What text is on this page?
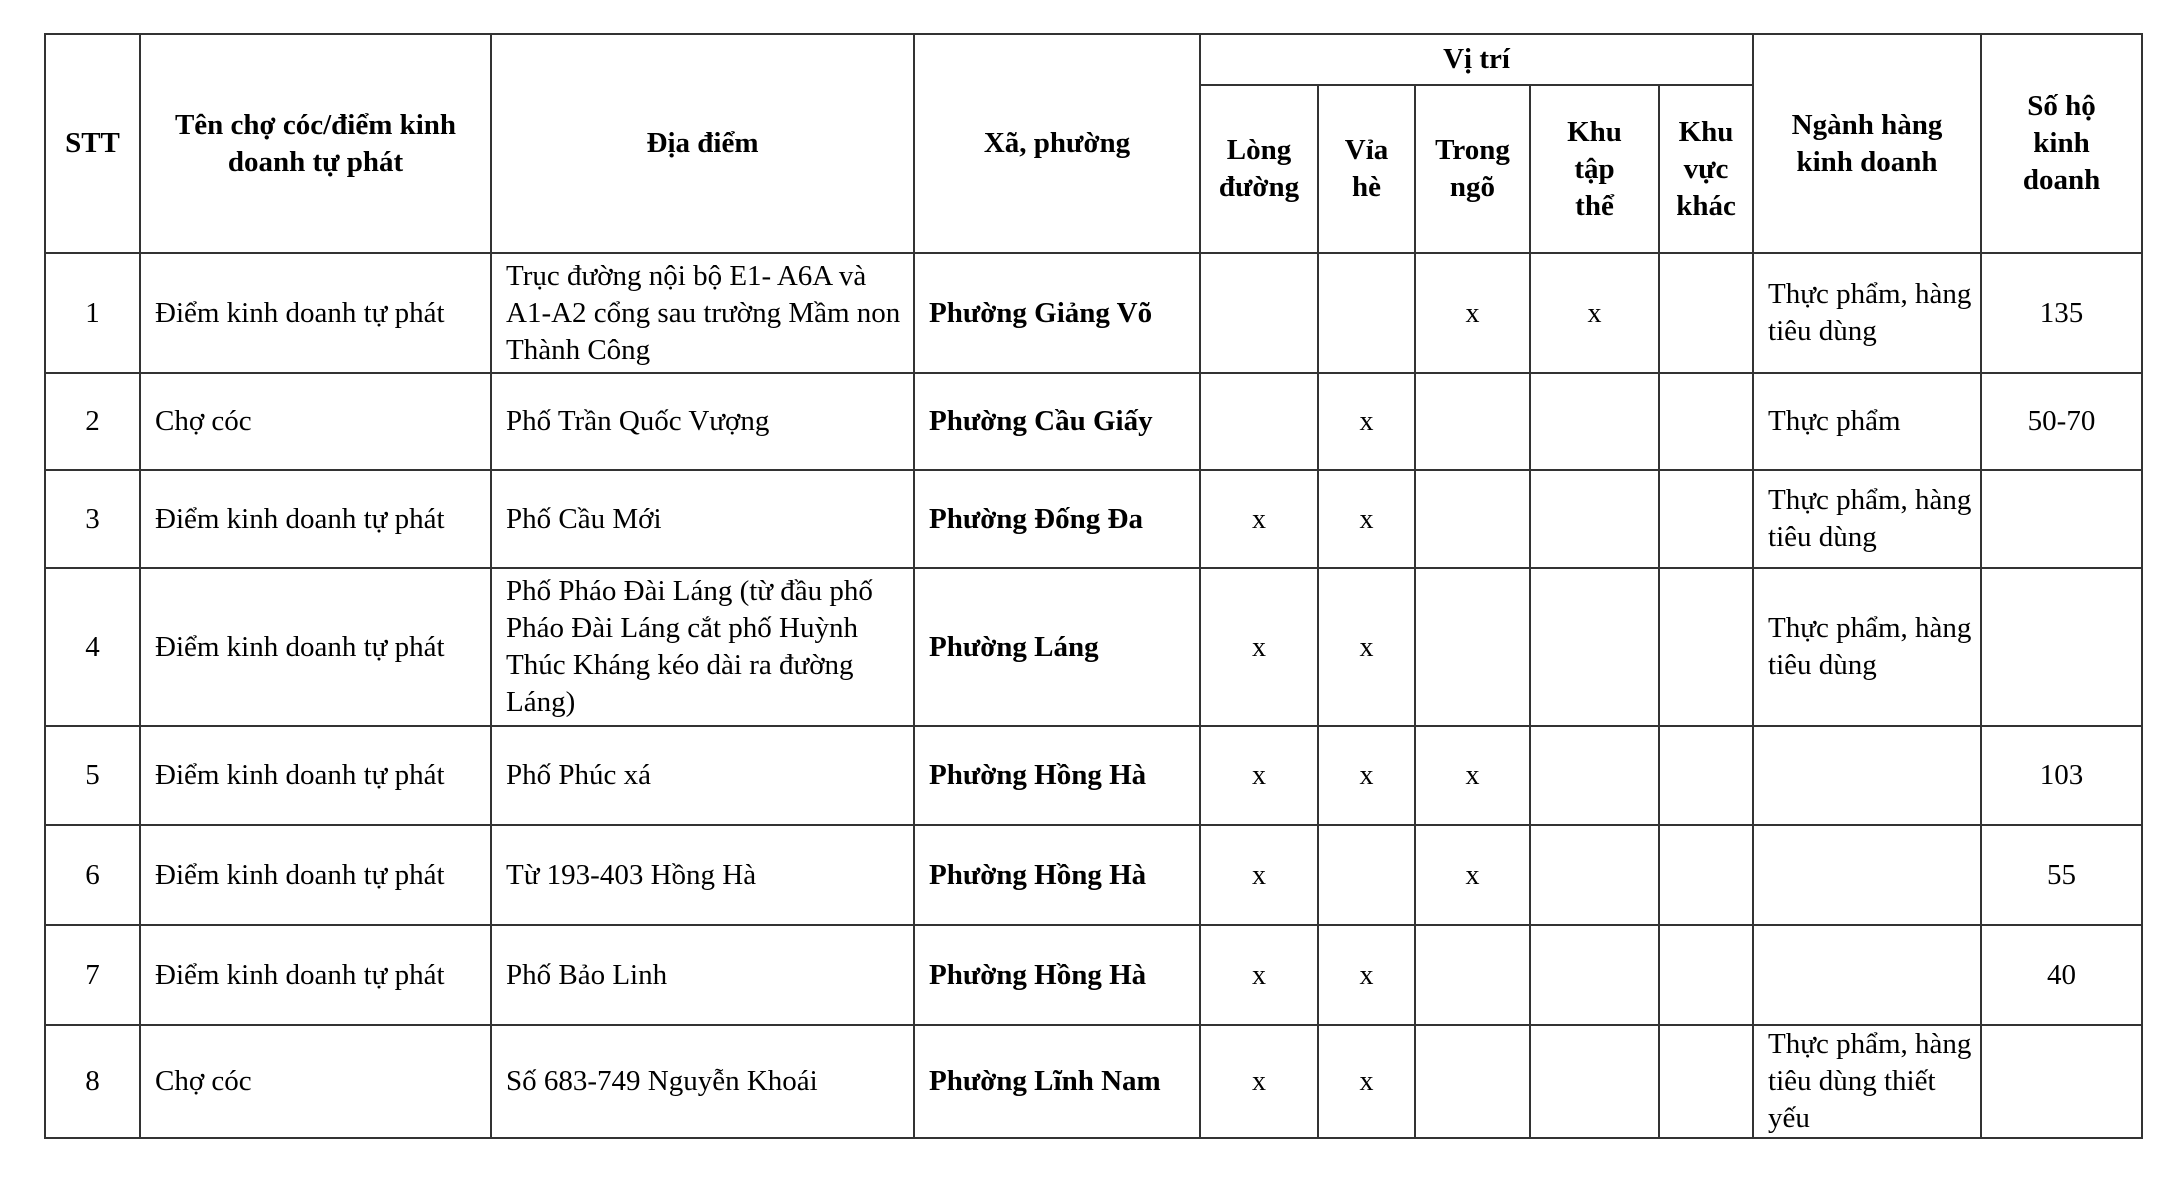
STT	Tên chợ cóc/điểm kinh doanh tự phát	Địa điểm	Xã, phường	Vị trí					Ngành hàng kinh doanh	Số hộ kinh doanh
				Lòng đường	Vỉa hè	Trong ngõ	Khu tập thể	Khu vực khác		
1	Điểm kinh doanh tự phát	Trục đường nội bộ E1- A6A và A1-A2 cổng sau trường Mầm non Thành Công	Phường Giảng Võ			x	x		Thực phẩm, hàng tiêu dùng	135
2	Chợ cóc	Phố Trần Quốc Vượng	Phường Cầu Giấy		x				Thực phẩm	50-70
3	Điểm kinh doanh tự phát	Phố Cầu Mới	Phường Đống Đa	x	x				Thực phẩm, hàng tiêu dùng	
4	Điểm kinh doanh tự phát	Phố Pháo Đài Láng (từ đầu phố Pháo Đài Láng cắt phố Huỳnh Thúc Kháng kéo dài ra đường Láng)	Phường Láng	x	x				Thực phẩm, hàng tiêu dùng	
5	Điểm kinh doanh tự phát	Phố Phúc xá	Phường Hồng Hà	x	x	x				103
6	Điểm kinh doanh tự phát	Từ 193-403 Hồng Hà	Phường Hồng Hà	x		x				55
7	Điểm kinh doanh tự phát	Phố Bảo Linh	Phường Hồng Hà	x	x					40
8	Chợ cóc	Số 683-749 Nguyễn Khoái	Phường Lĩnh Nam	x	x				Thực phẩm, hàng tiêu dùng thiết yếu	
